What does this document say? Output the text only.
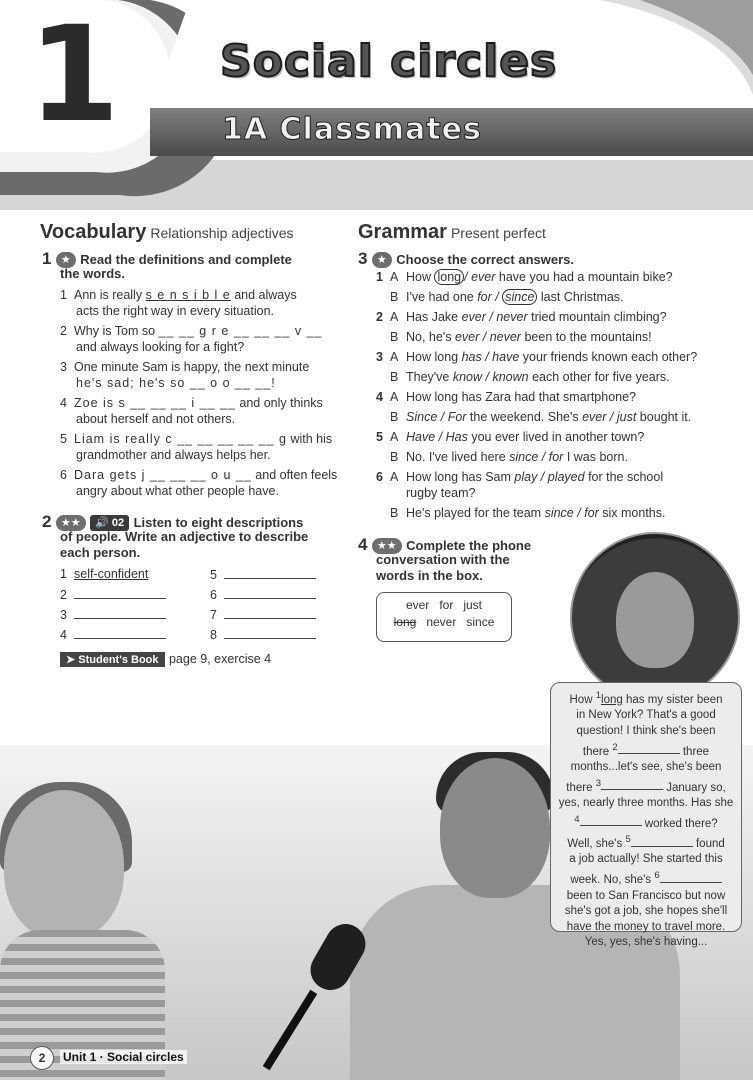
1 Social circles
1A Classmates
Vocabulary Relationship adjectives
1 ★ Read the definitions and complete
the words.
1 Ann is really s e n s i b l e and always
acts the right way in every situation.
2 Why is Tom so __ __ g r e __ __ __ v __
and always looking for a fight?
3 One minute Sam is happy, the next minute
he's sad; he's so __ o o __ __!
4 Zoe is s __ __ __ i __ __ and only thinks
about herself and not others.
5 Liam is really c __ __ __ __ __ g with his
grandmother and always helps her.
6 Dara gets j __ __ __ o u __ and often feels
angry about what other people have.
2 ★★ 🔊 02 Listen to eight descriptions
of people. Write an adjective to describe
each person.
1 self-confident
2
3
4
5
6
7
8
➤ Student's Book page 9, exercise 4
Grammar Present perfect
3 ★ Choose the correct answers.
1 A How long / ever have you had a mountain bike?
B I've had one for / since last Christmas.
2 A Has Jake ever / never tried mountain climbing?
B No, he's ever / never been to the mountains!
3 A How long has / have your friends known each other?
B They've know / known each other for five years.
4 A How long has Zara had that smartphone?
B Since / For the weekend. She's ever / just bought it.
5 A Have / Has you ever lived in another town?
B No. I've lived here since / for I was born.
6 A How long has Sam play / played for the school
rugby team?
B He's played for the team since / for six months.
4 ★★ Complete the phone
conversation with the
words in the box.
ever for just
long never since
How $^1$long has my sister been
in New York? That's a good
question! I think she's been
there $^2$	three
months...let's see, she's been
there $^3$	January so,
yes, nearly three months. Has she
$^4$	worked there?
Well, she's $^5$	found
a job actually! She started this
week. No, she's $^6$
been to San Francisco but now
she's got a job, she hopes she'll
have the money to travel more.
Yes, yes, she's having...
2	Unit 1 · Social circles
